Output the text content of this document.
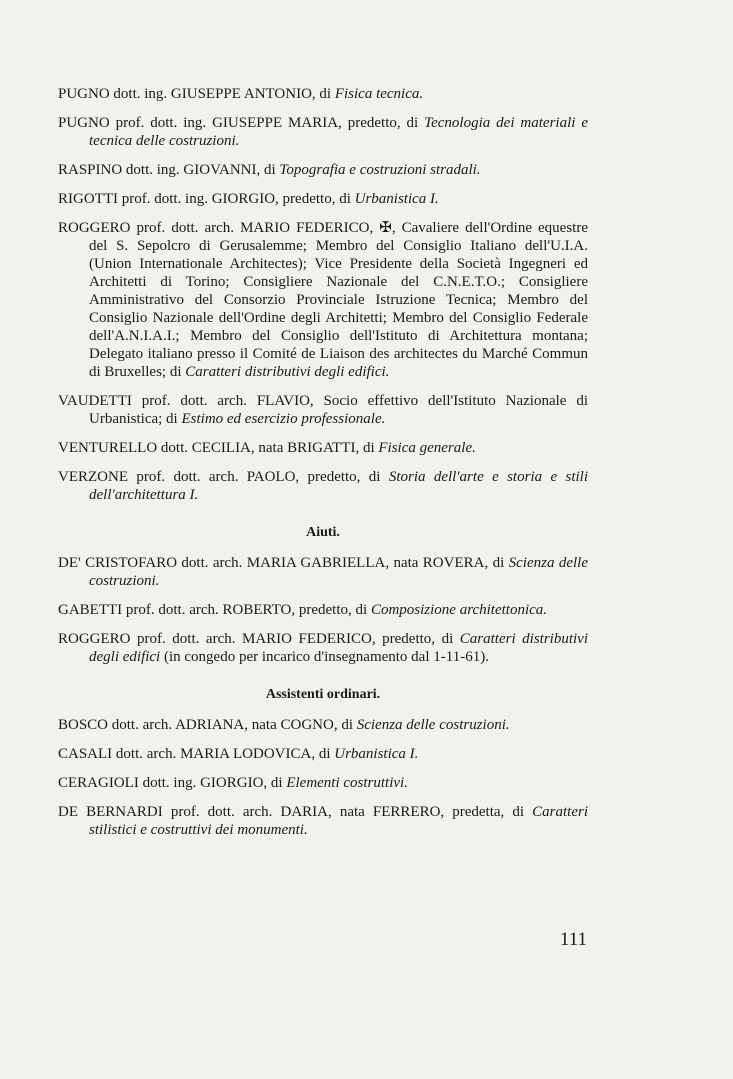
PUGNO dott. ing. GIUSEPPE ANTONIO, di Fisica tecnica.

PUGNO prof. dott. ing. GIUSEPPE MARIA, predetto, di Tecnologia dei materiali e tecnica delle costruzioni.

RASPINO dott. ing. GIOVANNI, di Topografia e costruzioni stradali.

RIGOTTI prof. dott. ing. GIORGIO, predetto, di Urbanistica I.

ROGGERO prof. dott. arch. MARIO FEDERICO, ✠, Cavaliere dell'Ordine equestre del S. Sepolcro di Gerusalemme; Membro del Consiglio Italiano dell'U.I.A. (Union Internationale Architectes); Vice Presidente della Società Ingegneri ed Architetti di Torino; Consigliere Nazionale del C.N.E.T.O.; Consigliere Amministrativo del Consorzio Provinciale Istruzione Tecnica; Membro del Consiglio Nazionale dell'Ordine degli Architetti; Membro del Consiglio Federale dell'A.N.I.A.I.; Membro del Consiglio dell'Istituto di Architettura montana; Delegato italiano presso il Comité de Liaison des architectes du Marché Commun di Bruxelles; di Caratteri distributivi degli edifici.

VAUDETTI prof. dott. arch. FLAVIO, Socio effettivo dell'Istituto Nazionale di Urbanistica; di Estimo ed esercizio professionale.

VENTURELLO dott. CECILIA, nata BRIGATTI, di Fisica generale.

VERZONE prof. dott. arch. PAOLO, predetto, di Storia dell'arte e storia e stili dell'architettura I.

Aiuti.

DE' CRISTOFARO dott. arch. MARIA GABRIELLA, nata ROVERA, di Scienza delle costruzioni.

GABETTI prof. dott. arch. ROBERTO, predetto, di Composizione architettonica.

ROGGERO prof. dott. arch. MARIO FEDERICO, predetto, di Caratteri distributivi degli edifici (in congedo per incarico d'insegnamento dal 1-11-61).

Assistenti ordinari.

BOSCO dott. arch. ADRIANA, nata COGNO, di Scienza delle costruzioni.

CASALI dott. arch. MARIA LODOVICA, di Urbanistica I.

CERAGIOLI dott. ing. GIORGIO, di Elementi costruttivi.

DE BERNARDI prof. dott. arch. DARIA, nata FERRERO, predetta, di Caratteri stilistici e costruttivi dei monumenti.

111
